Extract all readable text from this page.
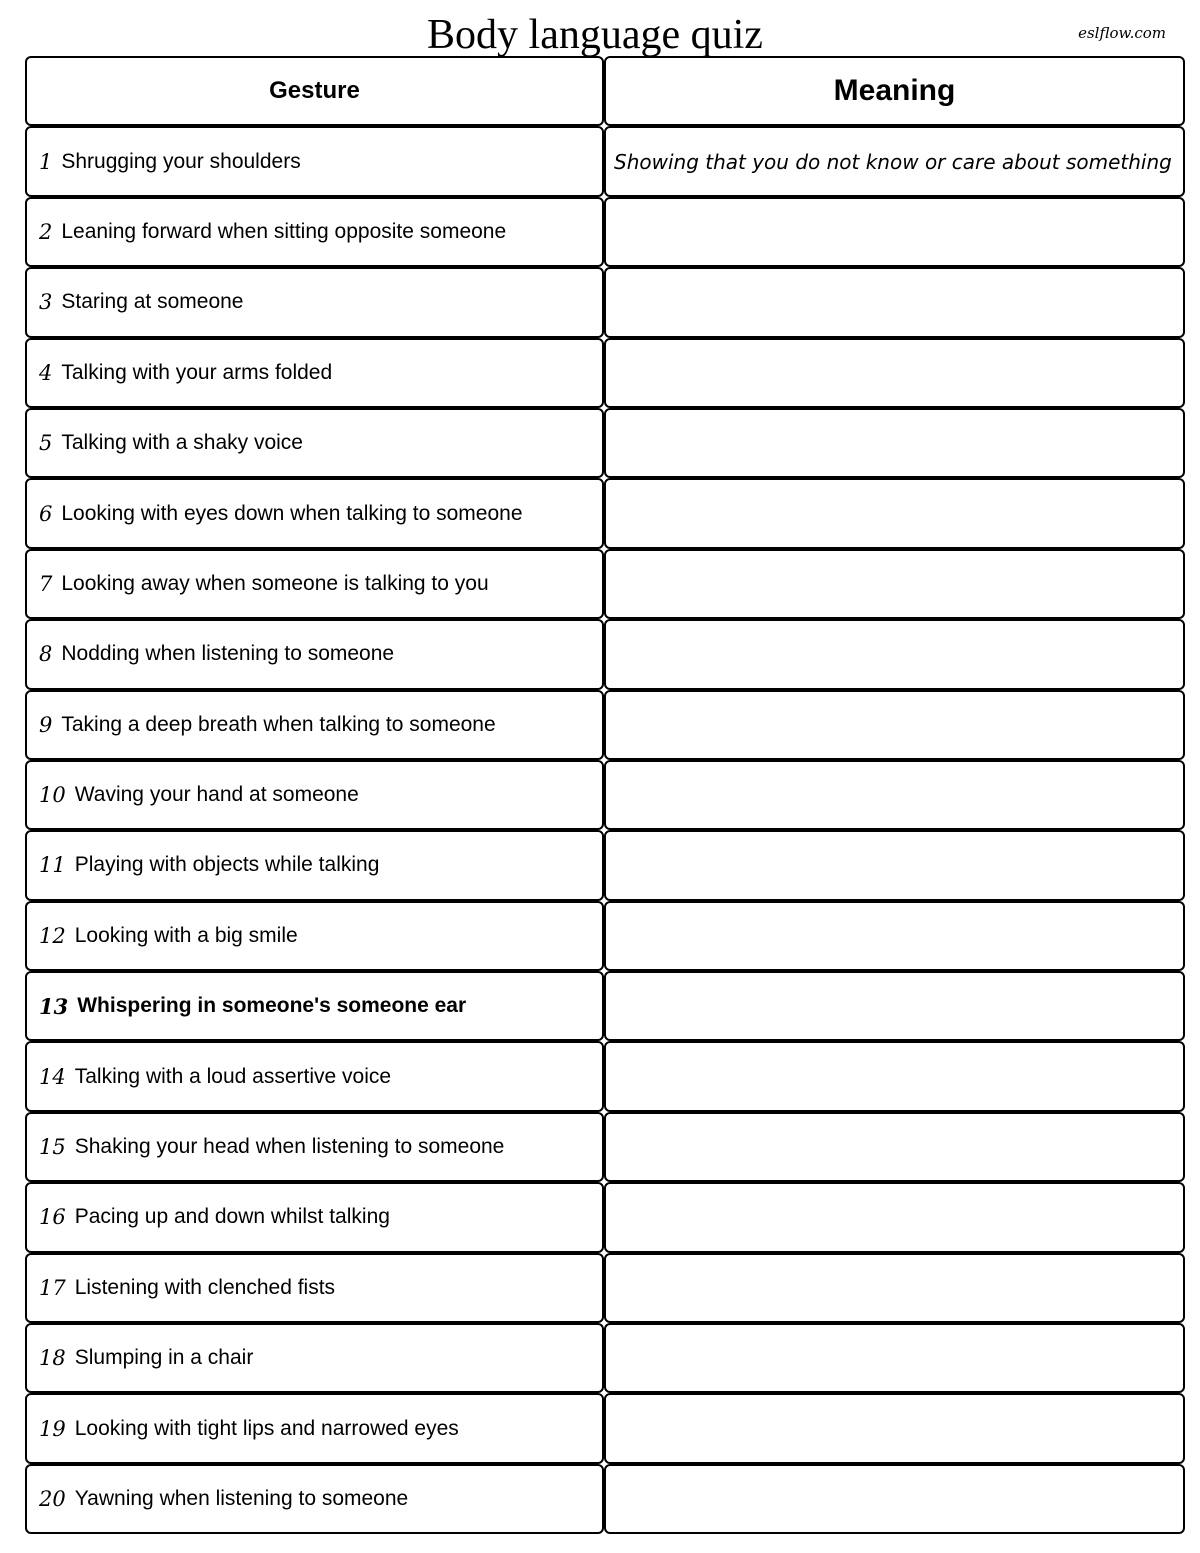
Body language quiz	eslflow.com
Gesture	Meaning
1 Shrugging your shoulders	Showing that you do not know or care about something
2 Leaning forward when sitting opposite someone
3 Staring at someone
4 Talking with your arms folded
5 Talking with a shaky voice
6 Looking with eyes down when talking to someone
7 Looking away when someone is talking to you
8 Nodding when listening to someone
9 Taking a deep breath when talking to someone
10 Waving your hand at someone
11 Playing with objects while talking
12 Looking with a big smile
13 Whispering in someone's someone ear
14 Talking with a loud assertive voice
15 Shaking your head when listening to someone
16 Pacing up and down whilst talking
17 Listening with clenched fists
18 Slumping in a chair
19 Looking with tight lips and narrowed eyes
20 Yawning when listening to someone
